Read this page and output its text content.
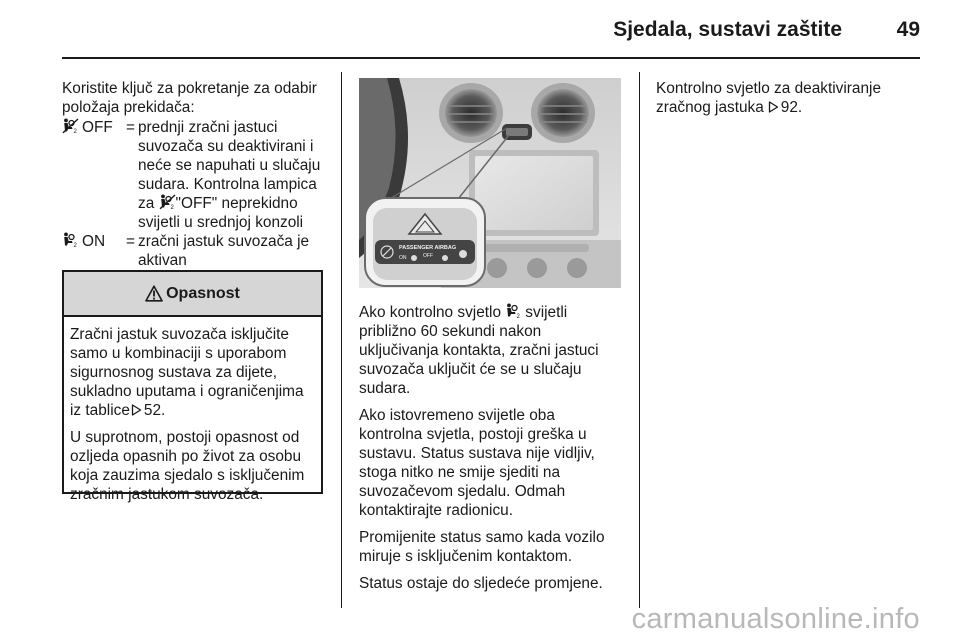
Sjedala, sustavi zaštite	49

Koristite ključ za pokretanje za odabir položaja prekidača:

OFF = prednji zračni jastuci
suvozača su deaktivirani i
neće se napuhati u slučaju
sudara. Kontrolna lampica
za "OFF" neprekidno
svijetli u srednjoj konzoli
ON = zračni jastuk suvozača je
aktivan
Opasnost

Zračni jastuk suvozača isključite
samo u kombinaciji s uporabom
sigurnosnog sustava za dijete,
sukladno uputama i ograničenjima
iz tablice 52.

U suprotnom, postoji opasnost od
ozljeda opasnih po život za osobu
koja zauzima sjedalo s isključenim
zračnim jastukom suvozača.

PASSENGER AIRBAG
ON	OFF

Ako kontrolno svjetlo svijetli
približno 60 sekundi nakon
uključivanja kontakta, zračni jastuci
suvozača uključit će se u slučaju
sudara.

Ako istovremeno svijetle oba
kontrolna svjetla, postoji greška u
sustavu. Status sustava nije vidljiv,
stoga nitko ne smije sjediti na
suvozačevom sjedalu. Odmah
kontaktirajte radionicu.

Promijenite status samo kada vozilo
miruje s isključenim kontaktom.

Status ostaje do sljedeće promjene.

Kontrolno svjetlo za deaktiviranje
zračnog jastuka 92.
carmanualsonline.info
